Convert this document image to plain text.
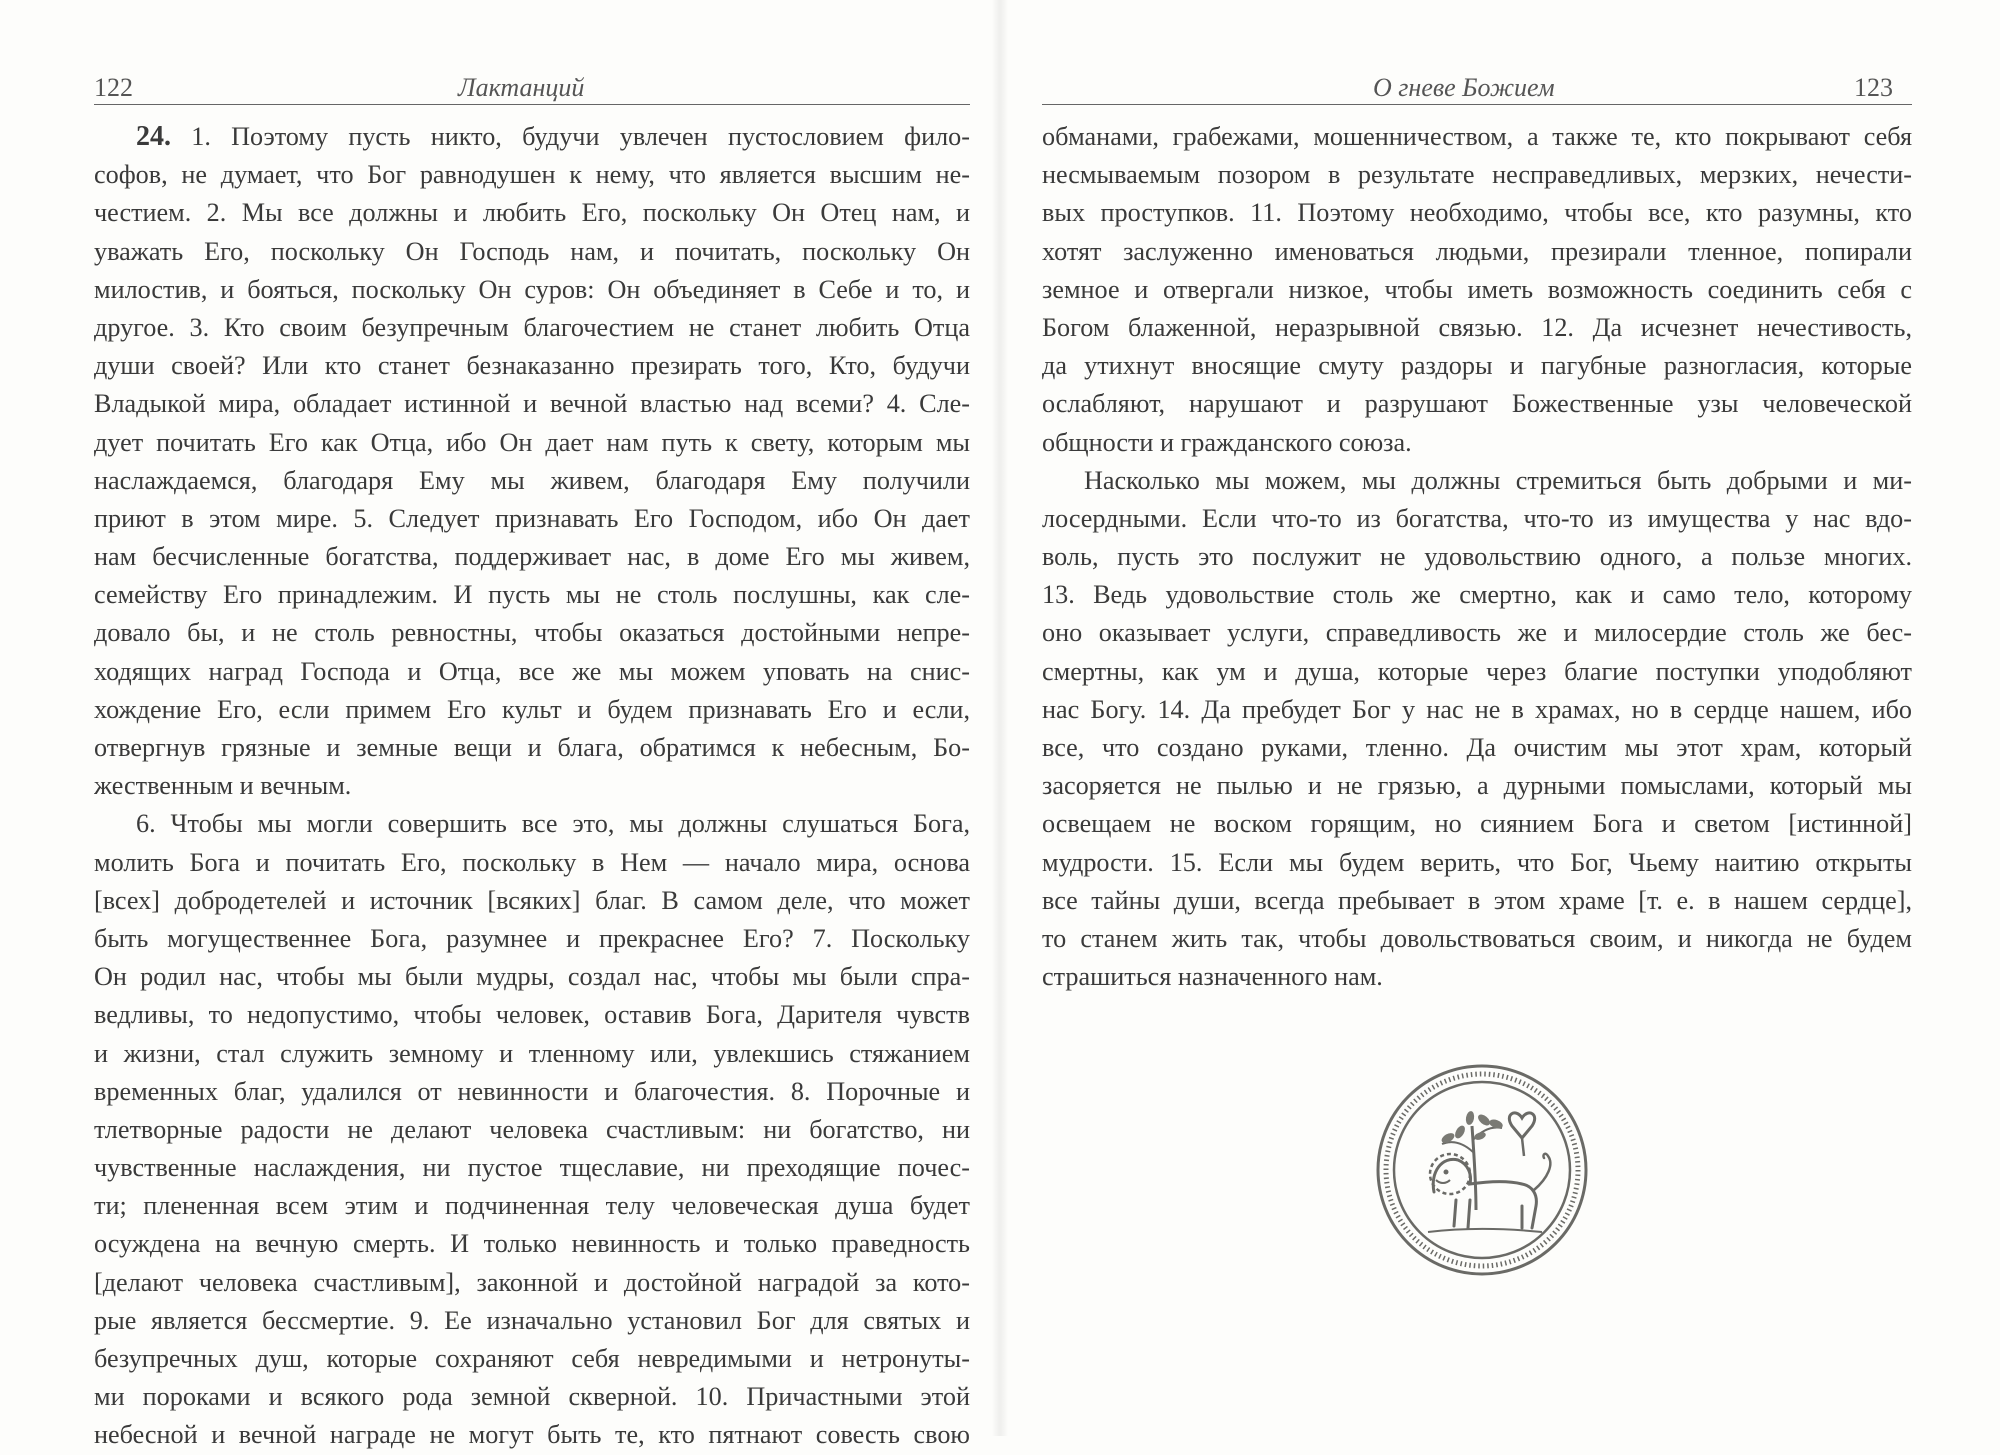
122	Лактанций
24. 1. Поэтому пусть никто, будучи увлечен пустословием фило-
софов, не думает, что Бог равнодушен к нему, что является высшим не-
честием. 2. Мы все должны и любить Его, поскольку Он Отец нам, и
уважать Его, поскольку Он Господь нам, и почитать, поскольку Он
милостив, и бояться, поскольку Он суров: Он объединяет в Себе и то, и
другое. 3. Кто своим безупречным благочестием не станет любить Отца
души своей? Или кто станет безнаказанно презирать того, Кто, будучи
Владыкой мира, обладает истинной и вечной властью над всеми? 4. Сле-
дует почитать Его как Отца, ибо Он дает нам путь к свету, которым мы
наслаждаемся, благодаря Ему мы живем, благодаря Ему получили
приют в этом мире. 5. Следует признавать Его Господом, ибо Он дает
нам бесчисленные богатства, поддерживает нас, в доме Его мы живем,
семейству Его принадлежим. И пусть мы не столь послушны, как сле-
довало бы, и не столь ревностны, чтобы оказаться достойными непре-
ходящих наград Господа и Отца, все же мы можем уповать на снис-
хождение Его, если примем Его культ и будем признавать Его и если,
отвергнув грязные и земные вещи и блага, обратимся к небесным, Бо-
жественным и вечным.
6. Чтобы мы могли совершить все это, мы должны слушаться Бога,
молить Бога и почитать Его, поскольку в Нем — начало мира, основа
[всех] добродетелей и источник [всяких] благ. В самом деле, что может
быть могущественнее Бога, разумнее и прекраснее Его? 7. Поскольку
Он родил нас, чтобы мы были мудры, создал нас, чтобы мы были спра-
ведливы, то недопустимо, чтобы человек, оставив Бога, Дарителя чувств
и жизни, стал служить земному и тленному или, увлекшись стяжанием
временных благ, удалился от невинности и благочестия. 8. Порочные и
тлетворные радости не делают человека счастливым: ни богатство, ни
чувственные наслаждения, ни пустое тщеславие, ни преходящие почес-
ти; плененная всем этим и подчиненная телу человеческая душа будет
осуждена на вечную смерть. И только невинность и только праведность
[делают человека счастливым], законной и достойной наградой за кото-
рые является бессмертие. 9. Ее изначально установил Бог для святых и
безупречных душ, которые сохраняют себя невредимыми и нетронуты-
ми пороками и всякого рода земной скверной. 10. Причастными этой
небесной и вечной награде не могут быть те, кто пятнают совесть свою
О гневе Божием	123
обманами, грабежами, мошенничеством, а также те, кто покрывают себя
несмываемым позором в результате несправедливых, мерзких, нечести-
вых проступков. 11. Поэтому необходимо, чтобы все, кто разумны, кто
хотят заслуженно именоваться людьми, презирали тленное, попирали
земное и отвергали низкое, чтобы иметь возможность соединить себя с
Богом блаженной, неразрывной связью. 12. Да исчезнет нечестивость,
да утихнут вносящие смуту раздоры и пагубные разногласия, которые
ослабляют, нарушают и разрушают Божественные узы человеческой
общности и гражданского союза.
Насколько мы можем, мы должны стремиться быть добрыми и ми-
лосердными. Если что-то из богатства, что-то из имущества у нас вдо-
воль, пусть это послужит не удовольствию одного, а пользе многих.
13. Ведь удовольствие столь же смертно, как и само тело, которому
оно оказывает услуги, справедливость же и милосердие столь же бес-
смертны, как ум и душа, которые через благие поступки уподобляют
нас Богу. 14. Да пребудет Бог у нас не в храмах, но в сердце нашем, ибо
все, что создано руками, тленно. Да очистим мы этот храм, который
засоряется не пылью и не грязью, а дурными помыслами, который мы
освещаем не воском горящим, но сиянием Бога и светом [истинной]
мудрости. 15. Если мы будем верить, что Бог, Чьему наитию открыты
все тайны души, всегда пребывает в этом храме [т. е. в нашем сердце],
то станем жить так, чтобы довольствоваться своим, и никогда не будем
страшиться назначенного нам.
